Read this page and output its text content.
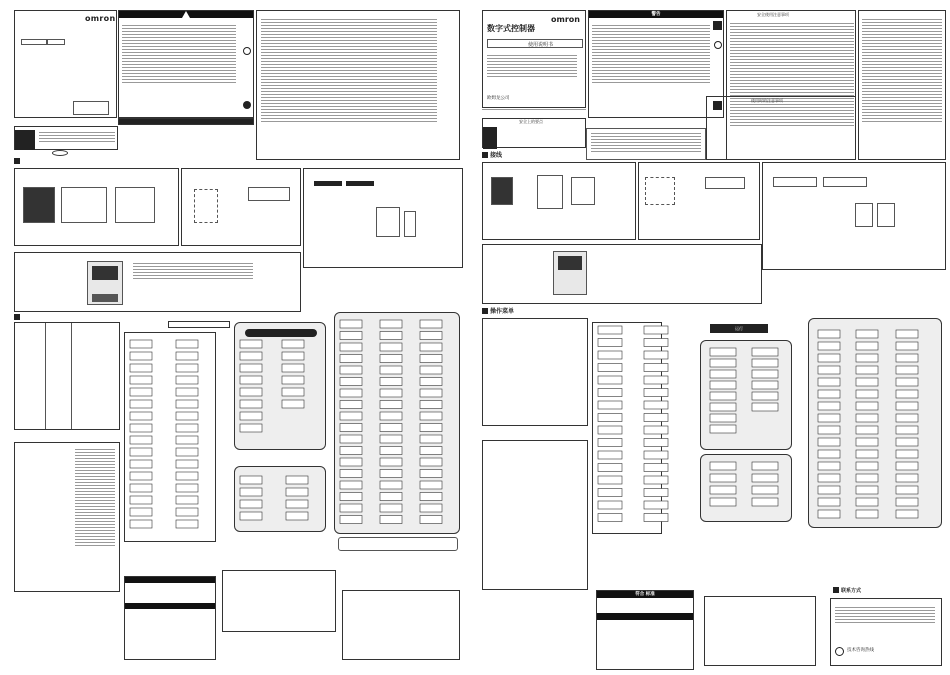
omron
数字式控制器
omron
使用说明书
欧姆龙公司
安全上的要点
警告	安全使用注意事项
使用时的注意事项
接线
操作菜单
运行
符合 标准
联系方式
技术咨询热线
